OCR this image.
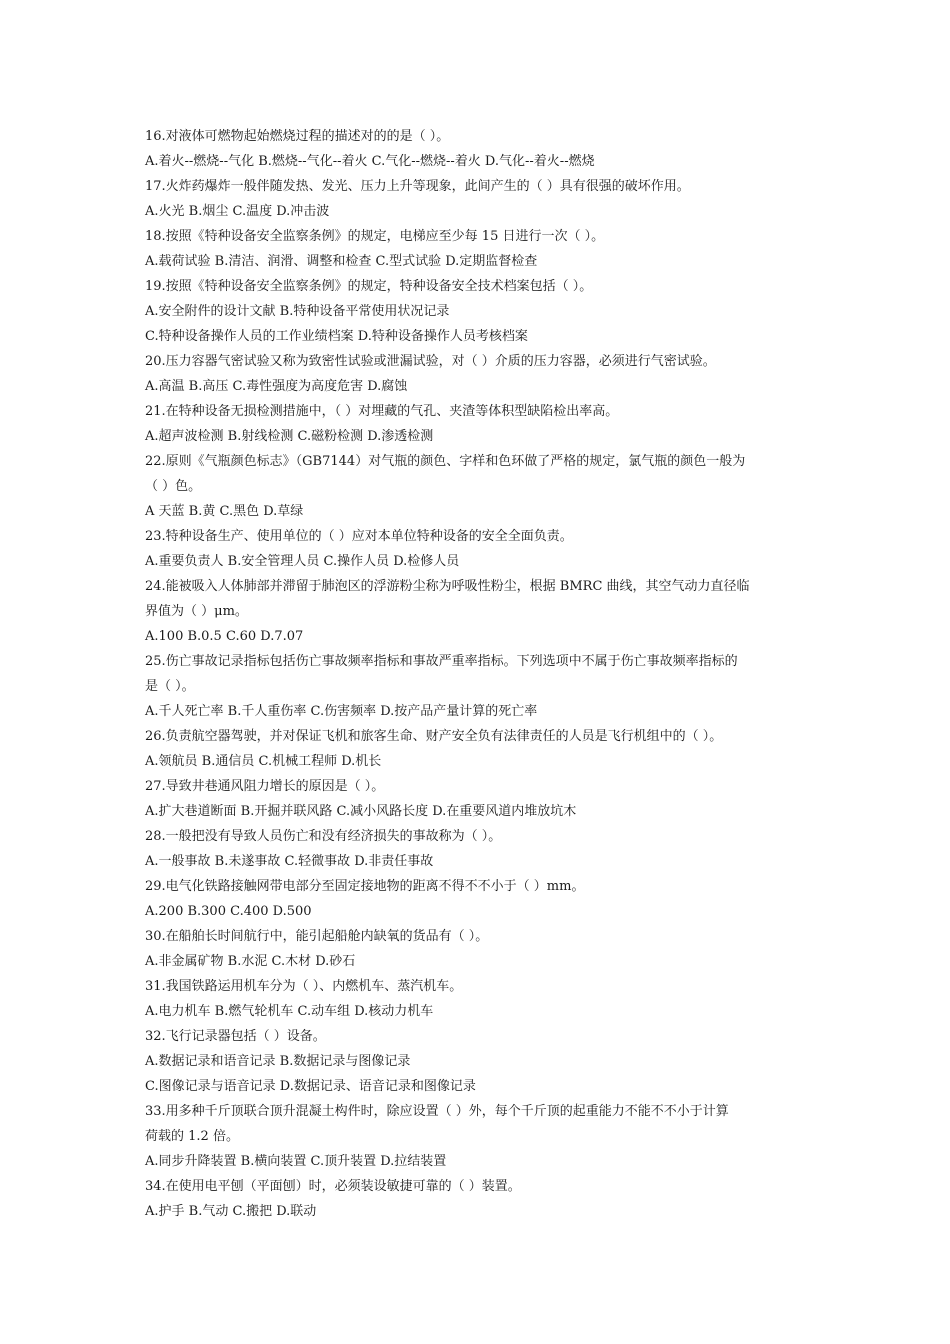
16.对液体可燃物起始燃烧过程的描述对的的是（ ）。
A.着火--燃烧--气化 B.燃烧--气化--着火 C.气化--燃烧--着火 D.气化--着火--燃烧
17.火炸药爆炸一般伴随发热、发光、压力上升等现象，此间产生的（ ）具有很强的破坏作用。
A.火光 B.烟尘 C.温度 D.冲击波
18.按照《特种设备安全监察条例》的规定，电梯应至少每 15 日进行一次（ ）。
A.载荷试验 B.清洁、润滑、调整和检查 C.型式试验 D.定期监督检查
19.按照《特种设备安全监察条例》的规定，特种设备安全技术档案包括（ ）。
A.安全附件的设计文献 B.特种设备平常使用状况记录
C.特种设备操作人员的工作业绩档案 D.特种设备操作人员考核档案
20.压力容器气密试验又称为致密性试验或泄漏试验，对（ ）介质的压力容器，必须进行气密试验。
A.高温 B.高压 C.毒性强度为高度危害 D.腐蚀
21.在特种设备无损检测措施中，（ ）对埋藏的气孔、夹渣等体积型缺陷检出率高。
A.超声波检测 B.射线检测 C.磁粉检测 D.渗透检测
22.原则《气瓶颜色标志》（GB7144）对气瓶的颜色、字样和色环做了严格的规定，氯气瓶的颜色一般为
（ ）色。
A 天蓝 B.黄 C.黑色 D.草绿
23.特种设备生产、使用单位的（ ）应对本单位特种设备的安全全面负责。
A.重要负责人 B.安全管理人员 C.操作人员 D.检修人员
24.能被吸入人体肺部并滞留于肺泡区的浮游粉尘称为呼吸性粉尘，根据 BMRC 曲线，其空气动力直径临
界值为（ ）μm。
A.100 B.0.5 C.60 D.7.07
25.伤亡事故记录指标包括伤亡事故频率指标和事故严重率指标。下列选项中不属于伤亡事故频率指标的
是（ ）。
A.千人死亡率 B.千人重伤率 C.伤害频率 D.按产品产量计算的死亡率
26.负责航空器驾驶，并对保证飞机和旅客生命、财产安全负有法律责任的人员是飞行机组中的（ ）。
A.领航员 B.通信员 C.机械工程师 D.机长
27.导致井巷通风阻力增长的原因是（ ）。
A.扩大巷道断面 B.开掘并联风路 C.减小风路长度 D.在重要风道内堆放坑木
28.一般把没有导致人员伤亡和没有经济损失的事故称为（ ）。
A.一般事故 B.未遂事故 C.轻微事故 D.非责任事故
29.电气化铁路接触网带电部分至固定接地物的距离不得不不小于（ ）mm。
A.200 B.300 C.400 D.500
30.在船舶长时间航行中，能引起船舱内缺氧的货品有（ ）。
A.非金属矿物 B.水泥 C.木材 D.砂石
31.我国铁路运用机车分为（ ）、内燃机车、蒸汽机车。
A.电力机车 B.燃气轮机车 C.动车组 D.核动力机车
32.飞行记录器包括（ ）设备。
A.数据记录和语音记录 B.数据记录与图像记录
C.图像记录与语音记录 D.数据记录、语音记录和图像记录
33.用多种千斤顶联合顶升混凝土构件时，除应设置（ ）外，每个千斤顶的起重能力不能不不小于计算
荷载的 1.2 倍。
A.同步升降装置 B.横向装置 C.顶升装置 D.拉结装置
34.在使用电平刨（平面刨）时，必须装设敏捷可靠的（ ）装置。
A.护手 B.气动 C.搬把 D.联动
